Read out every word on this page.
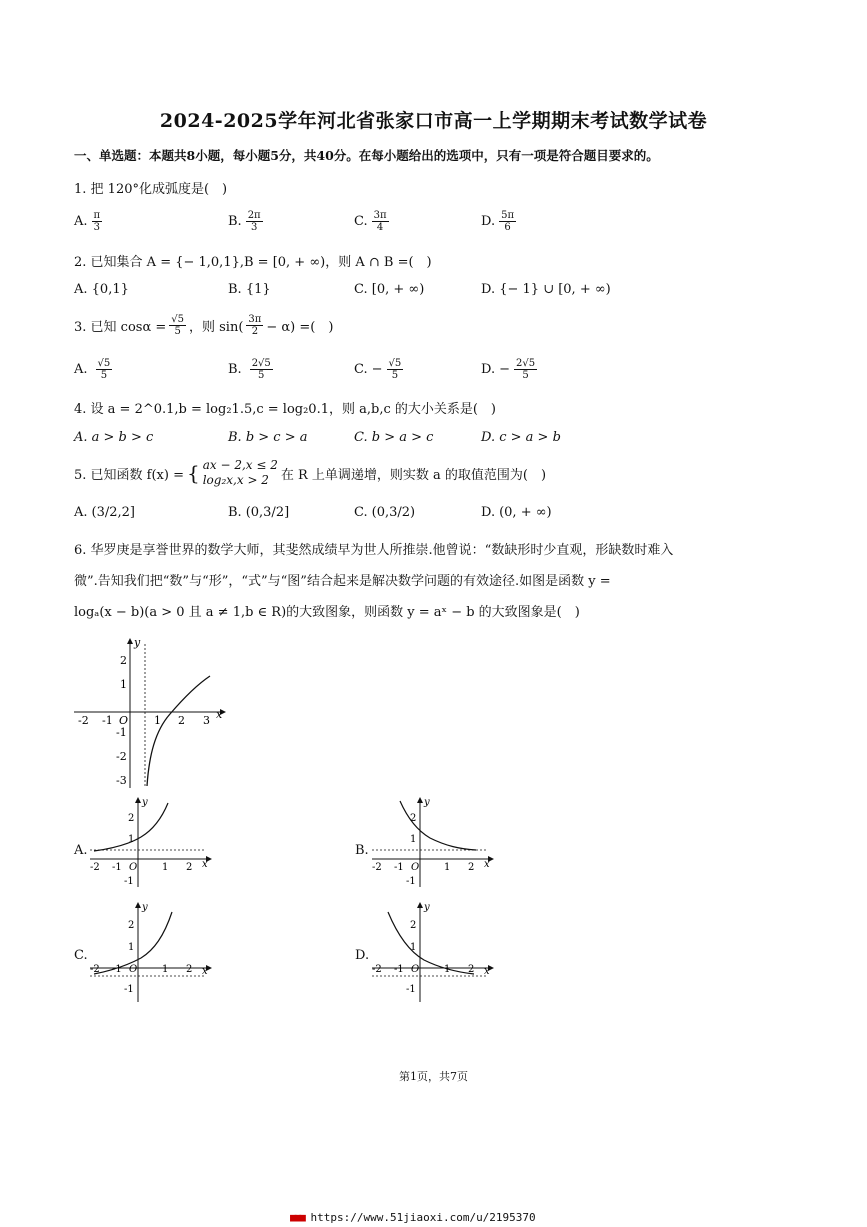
2024-2025学年河北省张家口市高一上学期期末考试数学试卷
一、单选题：本题共8小题，每小题5分，共40分。在每小题给出的选项中，只有一项是符合题目要求的。
1. 把 120°化成弧度是(　)
A. $\frac{\pi}{3}$	B. $\frac{2\pi}{3}$	C. $\frac{3\pi}{4}$	D. $\frac{5\pi}{6}$
2. 已知集合 A = {− 1,0,1},B = [0, + ∞)，则 A ∩ B =(　)
A. {0,1}	B. {1}	C. [0, + ∞)	D. {− 1} ∪ [0, + ∞)
3. 已知 $\cos\alpha = \frac{√5}{5}$ ，则 $\sin( \frac{3\pi}{2} - \alpha)$ =(　)
A. $\frac{√5}{5}$	B. $\frac{2√5}{5}$	C. − $\frac{√5}{5}$	D. − $\frac{2√5}{5}$
4. 设 a = 2^0.1,b = log₂1.5,c = log₂0.1，则 a,b,c 的大小关系是(　)
A. a > b > c	B. b > c > a	C. b > a > c	D. c > a > b
5. 已知函数 f(x) = { ax − 2,x ≤ 2
log₂x,x > 2 在 R 上单调递增，则实数 a 的取值范围为(　)
A. (3/2,2]	B. (0,3/2]	C. (0,3/2)	D. (0, + ∞)
6. 华罗庚是享誉世界的数学大师，其斐然成绩早为世人所推崇.他曾说：“数缺形时少直观，形缺数时难入
微”.告知我们把“数”与“形”，“式”与“图”结合起来是解决数学问题的有效途径.如图是函数 y =
logₐ(x − b)(a > 0 且 a ≠ 1,b ∈ R)的大致图象，则函数 y = aˣ − b 的大致图象是(　)
-2 -1 O 1 2 3 x
y
2
1
-1
-2
-3
A.
-2 -1 O 1 2 x
y
2
1
-1
B.
-2 -1 O 1 2 x
y
2
1
-1
C.
-2 -1 O 1 2 x
y
2
1
-1
D.
-2 -1 O 1 2 x
y
2
1
-1
第1页，共7页
■■■ https://www.51jiaoxi.com/u/2195370
